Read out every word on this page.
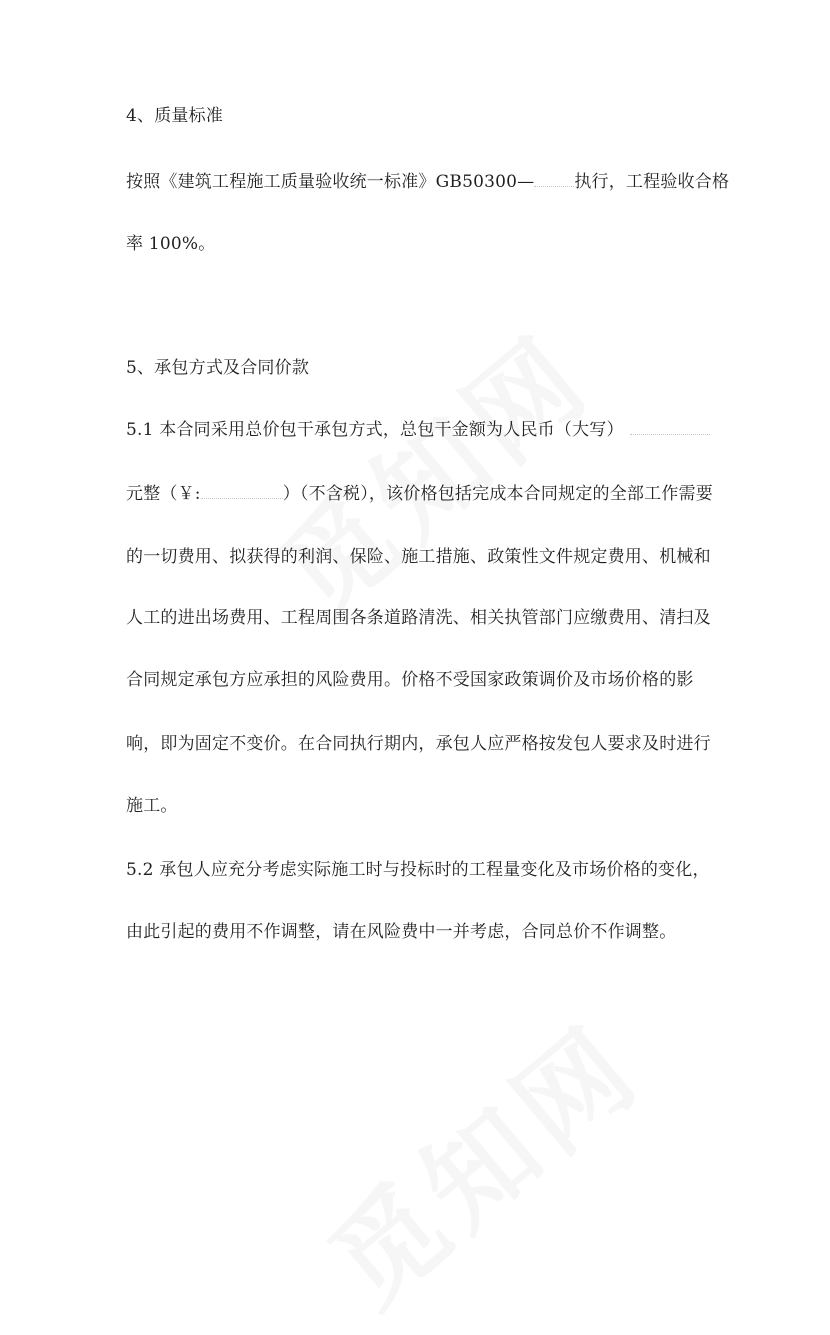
4、质量标准
按照《建筑工程施工质量验收统一标准》GB50300— 执行，工程验收合格
率 100%。
5、承包方式及合同价款
5.1 本合同采用总价包干承包方式，总包干金额为人民币（大写）
元整（￥:	）（不含税），该价格包括完成本合同规定的全部工作需要
的一切费用、拟获得的利润、保险、施工措施、政策性文件规定费用、机械和
人工的进出场费用、工程周围各条道路清洗、相关执管部门应缴费用、清扫及
合同规定承包方应承担的风险费用。价格不受国家政策调价及市场价格的影
响，即为固定不变价。在合同执行期内，承包人应严格按发包人要求及时进行
施工。
5.2 承包人应充分考虑实际施工时与投标时的工程量变化及市场价格的变化，
由此引起的费用不作调整，请在风险费中一并考虑，合同总价不作调整。
